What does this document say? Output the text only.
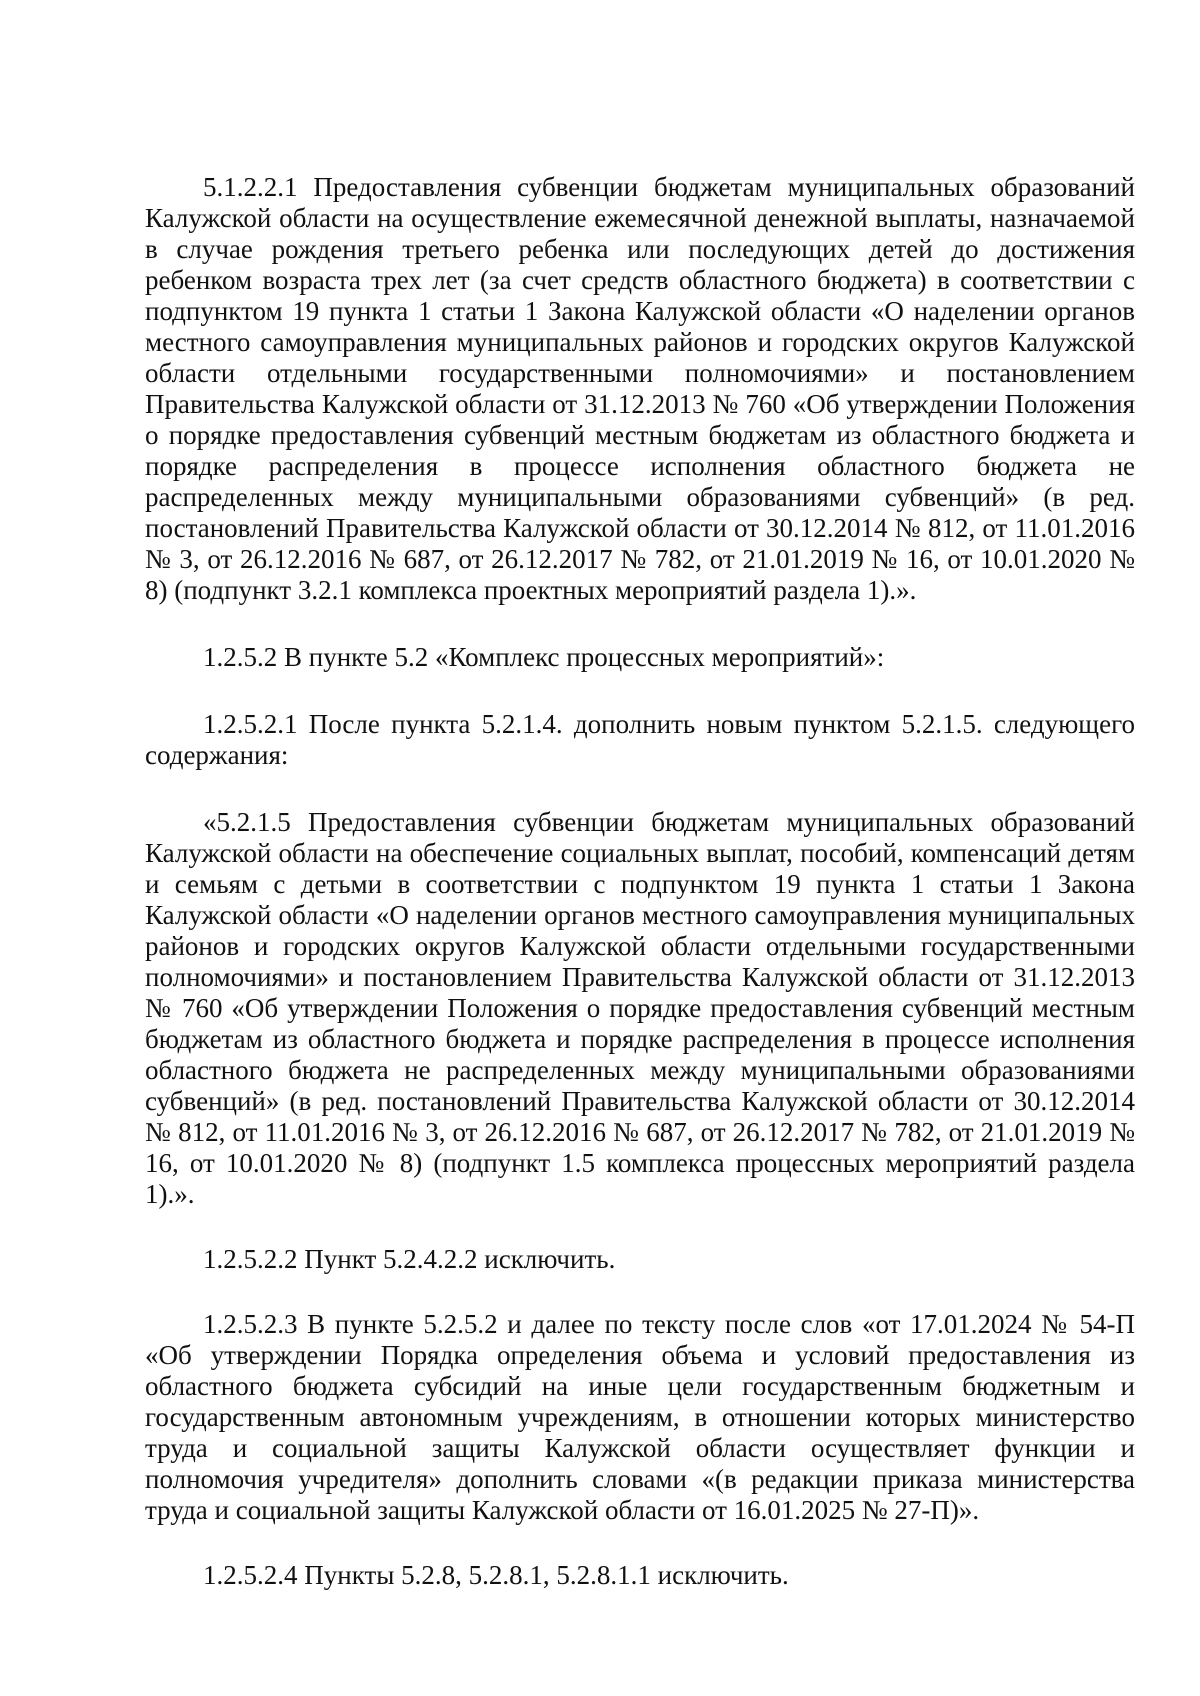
5.1.2.2.1 Предоставления субвенции бюджетам муниципальных образований Калужской области на осуществление ежемесячной денежной выплаты, назначаемой в случае рождения третьего ребенка или последующих детей до достижения ребенком возраста трех лет (за счет средств областного бюджета) в соответствии с подпунктом 19 пункта 1 статьи 1 Закона Калужской области «О наделении органов местного самоуправления муниципальных районов и городских округов Калужской области отдельными государственными полномочиями» и постановлением Правительства Калужской области от 31.12.2013 № 760 «Об утверждении Положения о порядке предоставления субвенций местным бюджетам из областного бюджета и порядке распределения в процессе исполнения областного бюджета не распределенных между муниципальными образованиями субвенций» (в ред. постановлений Правительства Калужской области от 30.12.2014 № 812, от 11.01.2016 № 3, от 26.12.2016 № 687, от 26.12.2017 № 782, от 21.01.2019 № 16, от 10.01.2020 № 8) (подпункт 3.2.1 комплекса проектных мероприятий раздела 1).».

1.2.5.2 В пункте 5.2 «Комплекс процессных мероприятий»:

1.2.5.2.1 После пункта 5.2.1.4. дополнить новым пунктом 5.2.1.5. следующего содержания:

«5.2.1.5 Предоставления субвенции бюджетам муниципальных образований Калужской области на обеспечение социальных выплат, пособий, компенсаций детям и семьям с детьми в соответствии с подпунктом 19 пункта 1 статьи 1 Закона Калужской области «О наделении органов местного самоуправления муниципальных районов и городских округов Калужской области отдельными государственными полномочиями» и постановлением Правительства Калужской области от 31.12.2013 № 760 «Об утверждении Положения о порядке предоставления субвенций местным бюджетам из областного бюджета и порядке распределения в процессе исполнения областного бюджета не распределенных между муниципальными образованиями субвенций» (в ред. постановлений Правительства Калужской области от 30.12.2014 № 812, от 11.01.2016 № 3, от 26.12.2016 № 687, от 26.12.2017 № 782, от 21.01.2019 № 16, от 10.01.2020 № 8) (подпункт 1.5 комплекса процессных мероприятий раздела 1).».

1.2.5.2.2 Пункт 5.2.4.2.2 исключить.

1.2.5.2.3 В пункте 5.2.5.2 и далее по тексту после слов «от 17.01.2024 № 54-П «Об утверждении Порядка определения объема и условий предоставления из областного бюджета субсидий на иные цели государственным бюджетным и государственным автономным учреждениям, в отношении которых министерство труда и социальной защиты Калужской области осуществляет функции и полномочия учредителя» дополнить словами «(в редакции приказа министерства труда и социальной защиты Калужской области от 16.01.2025 № 27-П)».

1.2.5.2.4 Пункты 5.2.8, 5.2.8.1, 5.2.8.1.1 исключить.
